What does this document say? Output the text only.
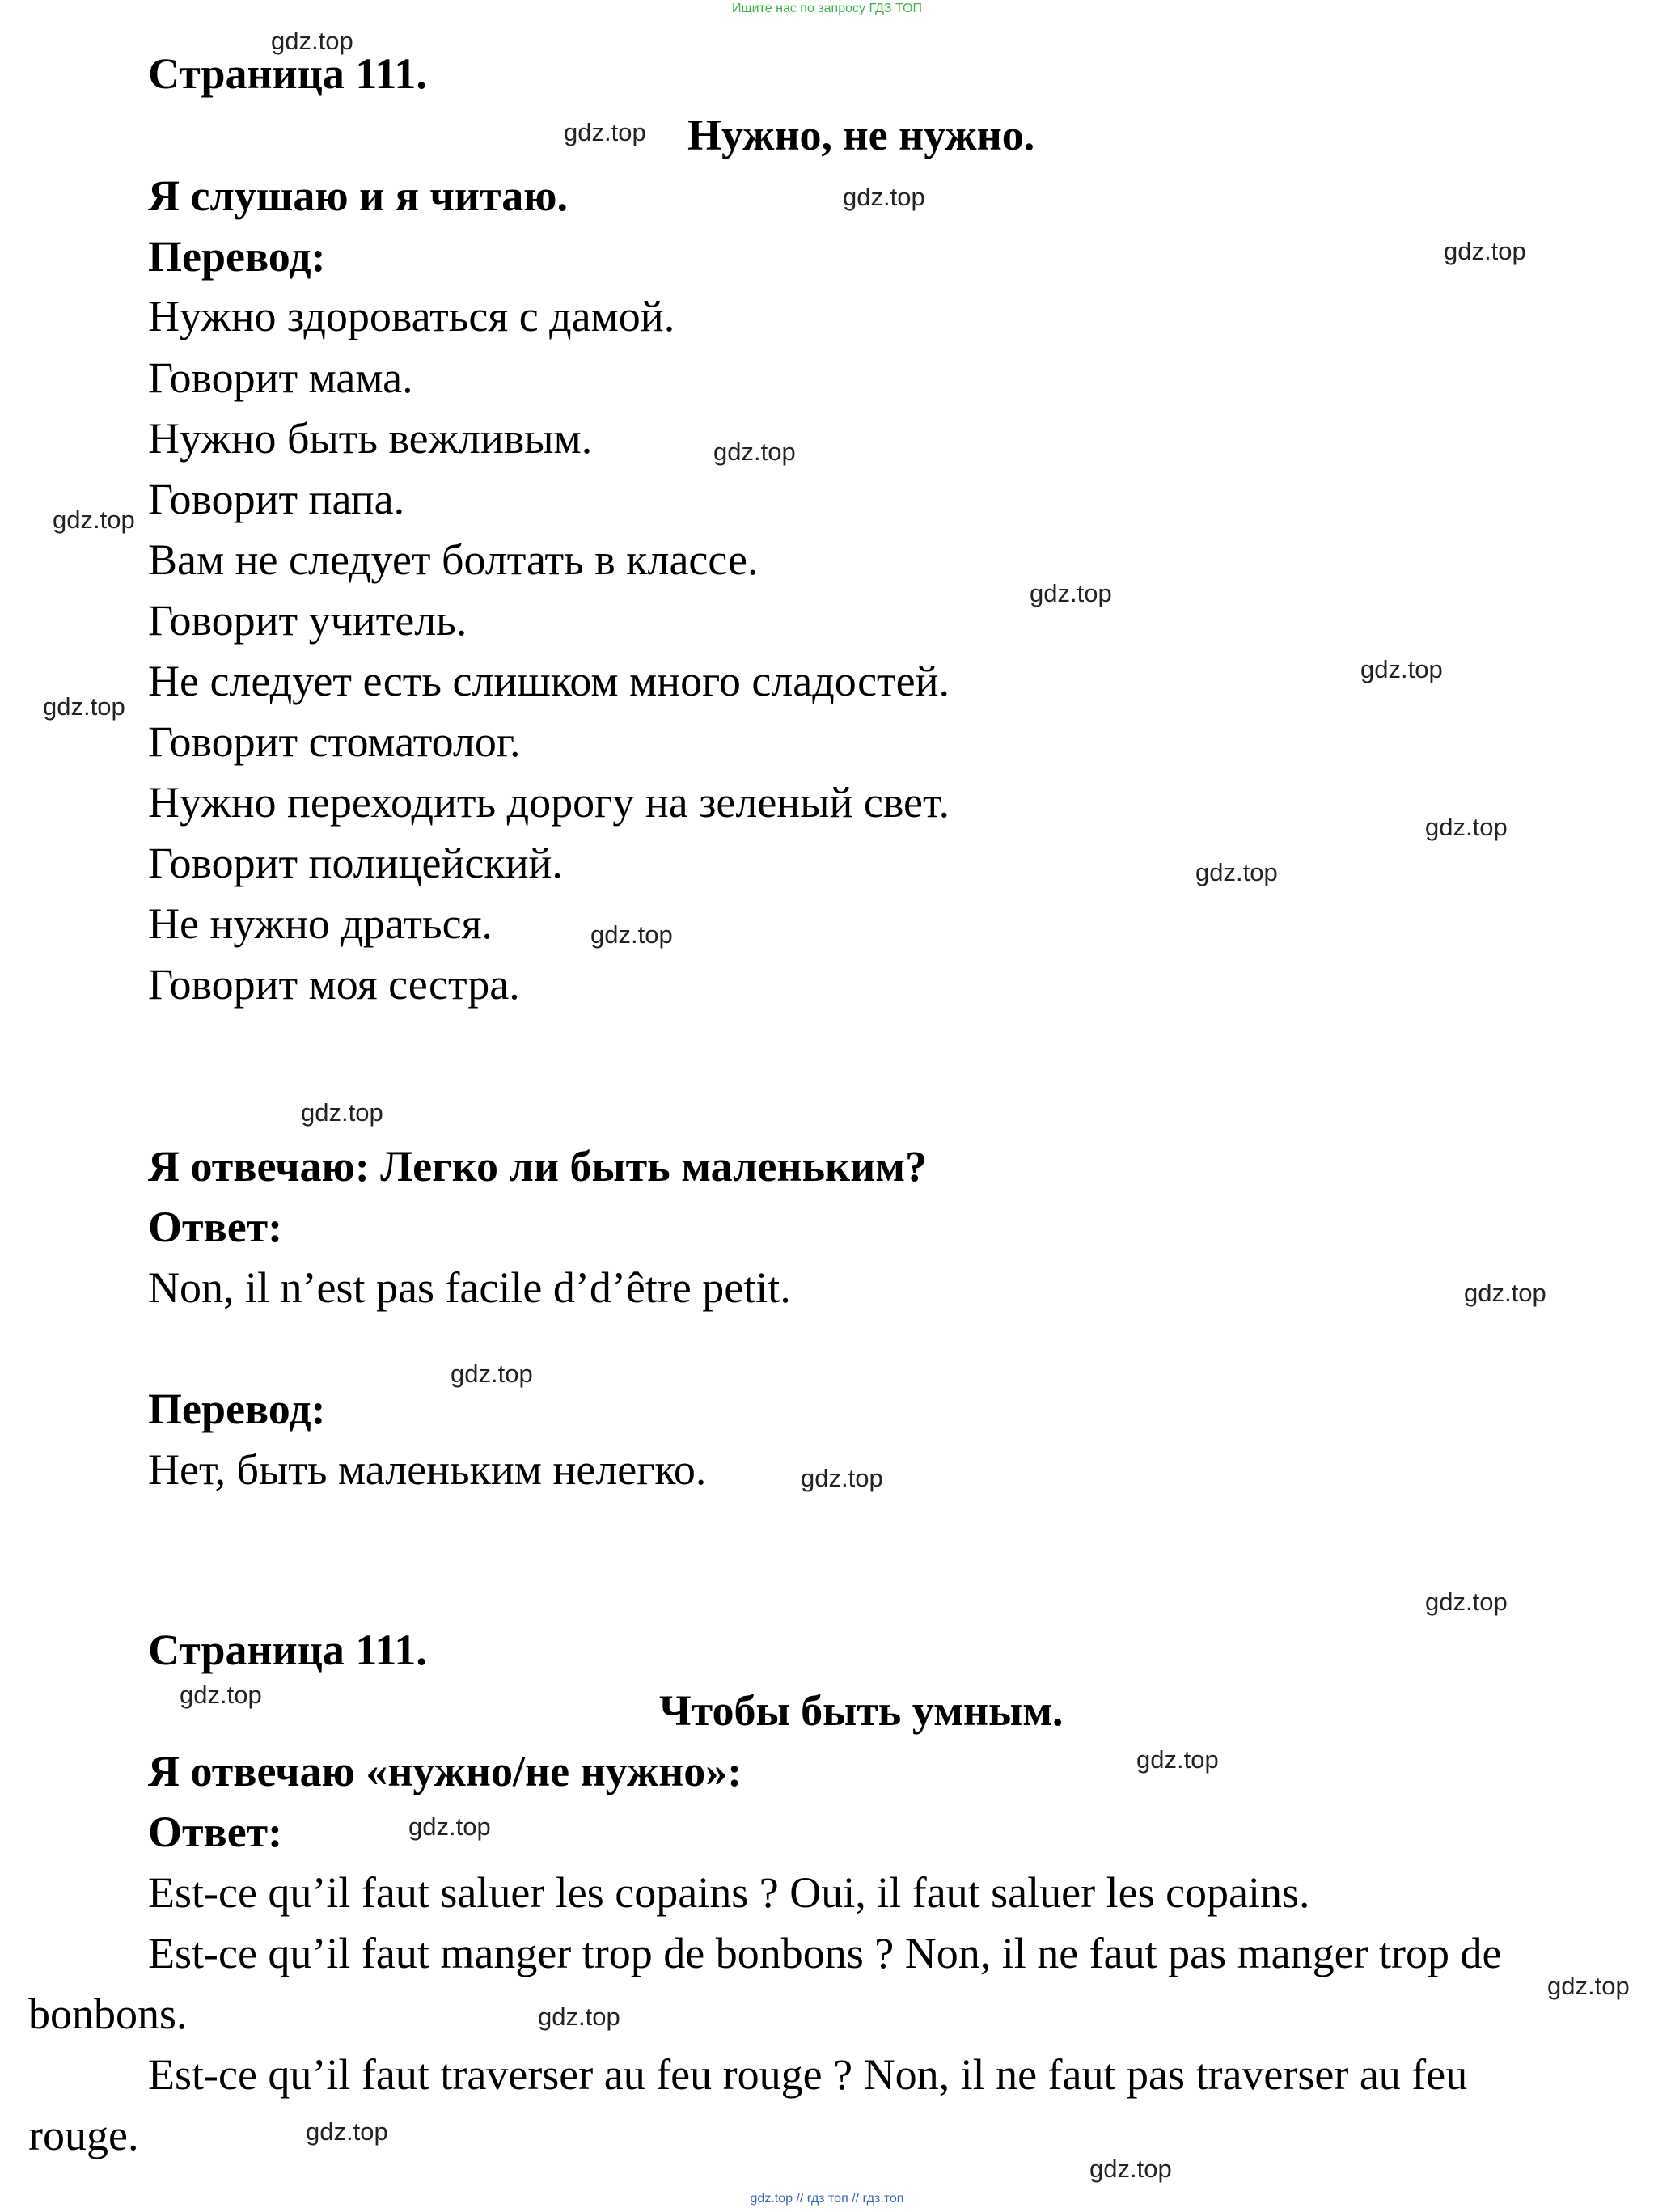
Ищите нас по запросу ГДЗ ТОП
Страница 111.
Нужно, не нужно.
Я слушаю и я читаю.
Перевод:
Нужно здороваться с дамой.
Говорит мама.
Нужно быть вежливым.
Говорит папа.
Вам не следует болтать в классе.
Говорит учитель.
Не следует есть слишком много сладостей.
Говорит стоматолог.
Нужно переходить дорогу на зеленый свет.
Говорит полицейский.
Не нужно драться.
Говорит моя сестра.
Я отвечаю: Легко ли быть маленьким?
Ответ:
Non, il n’est pas facile d’d’être petit.
Перевод:
Нет, быть маленьким нелегко.
Страница 111.
Чтобы быть умным.
Я отвечаю «нужно/не нужно»:
Ответ:
Est-ce qu’il faut saluer les copains ? Oui, il faut saluer les copains.
Est-ce qu’il faut manger trop de bonbons ? Non, il ne faut pas manger trop de
bonbons.
Est-ce qu’il faut traverser au feu rouge ? Non, il ne faut pas traverser au feu
rouge.
gdz.top
gdz.top
gdz.top
gdz.top
gdz.top
gdz.top
gdz.top
gdz.top
gdz.top
gdz.top
gdz.top
gdz.top
gdz.top
gdz.top
gdz.top
gdz.top
gdz.top
gdz.top
gdz.top
gdz.top
gdz.top
gdz.top
gdz.top
gdz.top
gdz.top // гдз топ // гдз.топ
